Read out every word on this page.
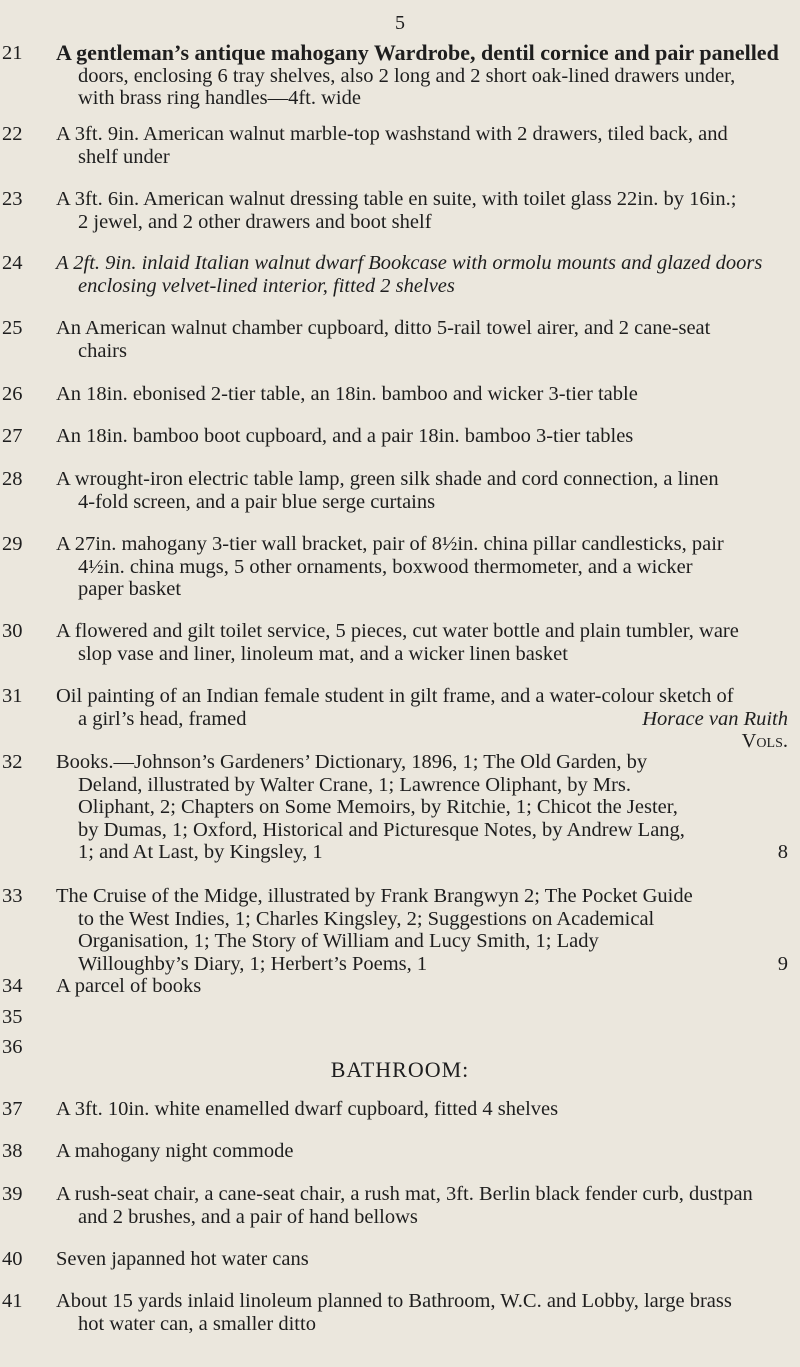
5
21	A gentleman’s antique mahogany Wardrobe, dentil cornice and pair panelled
doors, enclosing 6 tray shelves, also 2 long and 2 short oak-lined drawers under,
with brass ring handles—4ft. wide
22	A 3ft. 9in. American walnut marble-top washstand with 2 drawers, tiled back, and
shelf under
23	A 3ft. 6in. American walnut dressing table en suite, with toilet glass 22in. by 16in.;
2 jewel, and 2 other drawers and boot shelf
24	A 2ft. 9in. inlaid Italian walnut dwarf Bookcase with ormolu mounts and glazed doors
enclosing velvet-lined interior, fitted 2 shelves
25	An American walnut chamber cupboard, ditto 5-rail towel airer, and 2 cane-seat
chairs
26	An 18in. ebonised 2-tier table, an 18in. bamboo and wicker 3-tier table
27	An 18in. bamboo boot cupboard, and a pair 18in. bamboo 3-tier tables
28	A wrought-iron electric table lamp, green silk shade and cord connection, a linen
4-fold screen, and a pair blue serge curtains
29	A 27in. mahogany 3-tier wall bracket, pair of 8½in. china pillar candlesticks, pair
4½in. china mugs, 5 other ornaments, boxwood thermometer, and a wicker
paper basket
30	A flowered and gilt toilet service, 5 pieces, cut water bottle and plain tumbler, ware
slop vase and liner, linoleum mat, and a wicker linen basket
31	Oil painting of an Indian female student in gilt frame, and a water-colour sketch of
a girl’s head, framed	Horace van Ruith
Vols.
32	Books.—Johnson’s Gardeners’ Dictionary, 1896, 1; The Old Garden, by
Deland, illustrated by Walter Crane, 1; Lawrence Oliphant, by Mrs.
Oliphant, 2; Chapters on Some Memoirs, by Ritchie, 1; Chicot the Jester,
by Dumas, 1; Oxford, Historical and Picturesque Notes, by Andrew Lang,
1; and At Last, by Kingsley, 1	8
33	The Cruise of the Midge, illustrated by Frank Brangwyn 2; The Pocket Guide
to the West Indies, 1; Charles Kingsley, 2; Suggestions on Academical
Organisation, 1; The Story of William and Lucy Smith, 1; Lady
Willoughby’s Diary, 1; Herbert’s Poems, 1	9
34	A parcel of books
35
36
BATHROOM:
37	A 3ft. 10in. white enamelled dwarf cupboard, fitted 4 shelves
38	A mahogany night commode
39	A rush-seat chair, a cane-seat chair, a rush mat, 3ft. Berlin black fender curb, dustpan
and 2 brushes, and a pair of hand bellows
40	Seven japanned hot water cans
41	About 15 yards inlaid linoleum planned to Bathroom, W.C. and Lobby, large brass
hot water can, a smaller ditto
